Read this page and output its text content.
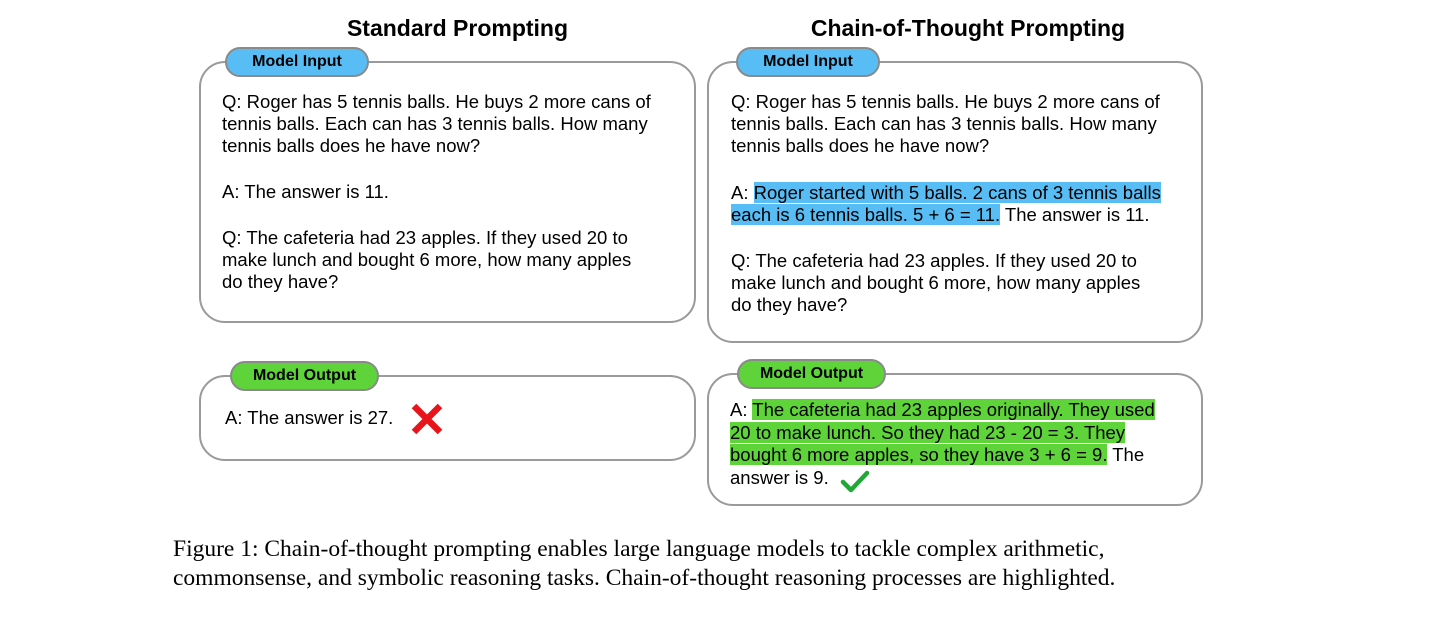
Standard Prompting	Chain-of-Thought Prompting
Model Input
Q: Roger has 5 tennis balls. He buys 2 more cans of
tennis balls. Each can has 3 tennis balls. How many
tennis balls does he have now?
A: The answer is 11.
Q: The cafeteria had 23 apples. If they used 20 to
make lunch and bought 6 more, how many apples
do they have?
Model Output
A: The answer is 27.
Model Input
Q: Roger has 5 tennis balls. He buys 2 more cans of
tennis balls. Each can has 3 tennis balls. How many
tennis balls does he have now?
A: Roger started with 5 balls. 2 cans of 3 tennis balls
each is 6 tennis balls. 5 + 6 = 11. The answer is 11.
Q: The cafeteria had 23 apples. If they used 20 to
make lunch and bought 6 more, how many apples
do they have?
Model Output
A: The cafeteria had 23 apples originally. They used
20 to make lunch. So they had 23 - 20 = 3. They
bought 6 more apples, so they have 3 + 6 = 9. The
answer is 9.
Figure 1: Chain-of-thought prompting enables large language models to tackle complex arithmetic,
commonsense, and symbolic reasoning tasks. Chain-of-thought reasoning processes are highlighted.
